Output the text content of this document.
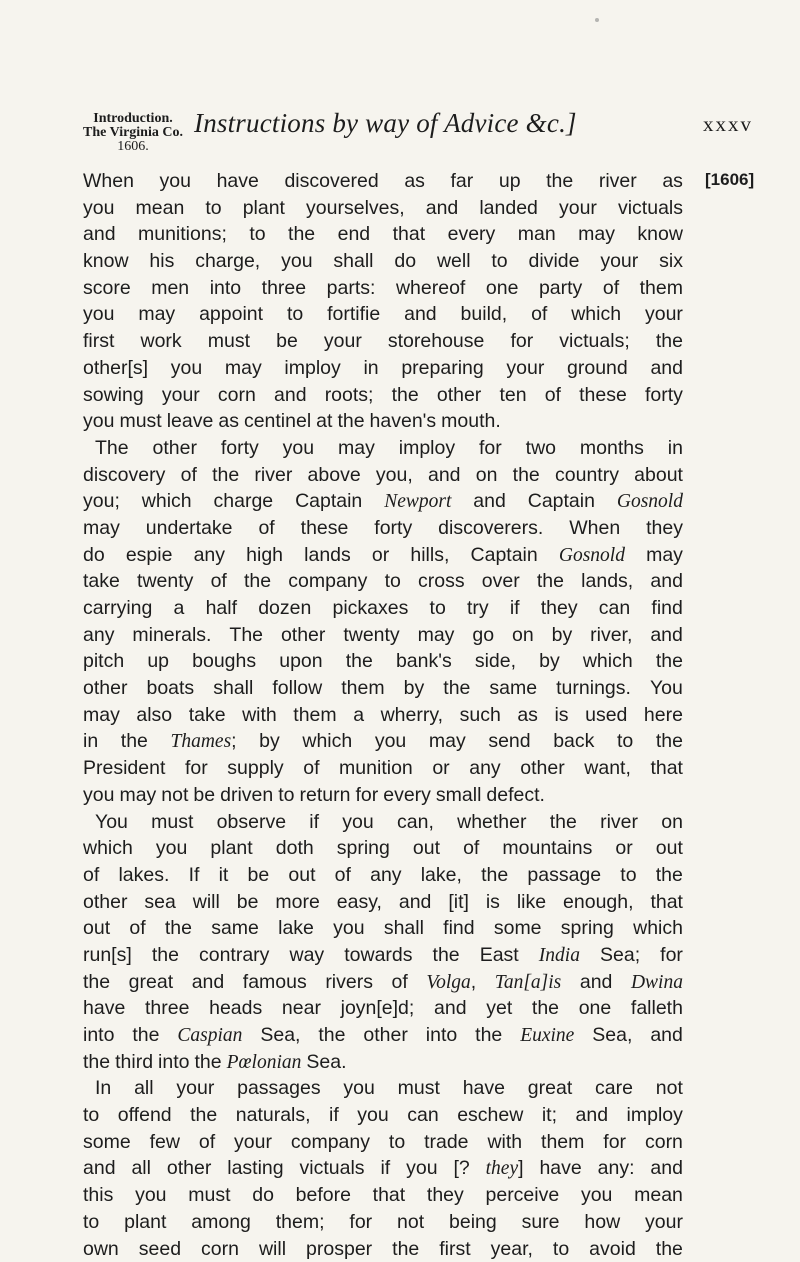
Introduction.
The Virginia Co.
1606.
Instructions by way of Advice &c.]	xxxv
[1606]
When you have discovered as far up the river as
you mean to plant yourselves, and landed your victuals
and munitions; to the end that every man may know
know his charge, you shall do well to divide your six
score men into three parts: whereof one party of them
you may appoint to fortifie and build, of which your
first work must be your storehouse for victuals; the
other[s] you may imploy in preparing your ground and
sowing your corn and roots; the other ten of these forty
you must leave as centinel at the haven's mouth.
The other forty you may imploy for two months in
discovery of the river above you, and on the country about
you; which charge Captain Newport and Captain Gosnold
may undertake of these forty discoverers. When they
do espie any high lands or hills, Captain Gosnold may
take twenty of the company to cross over the lands, and
carrying a half dozen pickaxes to try if they can find
any minerals. The other twenty may go on by river, and
pitch up boughs upon the bank's side, by which the
other boats shall follow them by the same turnings. You
may also take with them a wherry, such as is used here
in the Thames; by which you may send back to the
President for supply of munition or any other want, that
you may not be driven to return for every small defect.
You must observe if you can, whether the river on
which you plant doth spring out of mountains or out
of lakes. If it be out of any lake, the passage to the
other sea will be more easy, and [it] is like enough, that
out of the same lake you shall find some spring which
run[s] the contrary way towards the East India Sea; for
the great and famous rivers of Volga, Tan[a]is and Dwina
have three heads near joyn[e]d; and yet the one falleth
into the Caspian Sea, the other into the Euxine Sea, and
the third into the Pœlonian Sea.
In all your passages you must have great care not
to offend the naturals, if you can eschew it; and imploy
some few of your company to trade with them for corn
and all other lasting victuals if you [? they] have any: and
this you must do before that they perceive you mean
to plant among them; for not being sure how your
own seed corn will prosper the first year, to avoid the
